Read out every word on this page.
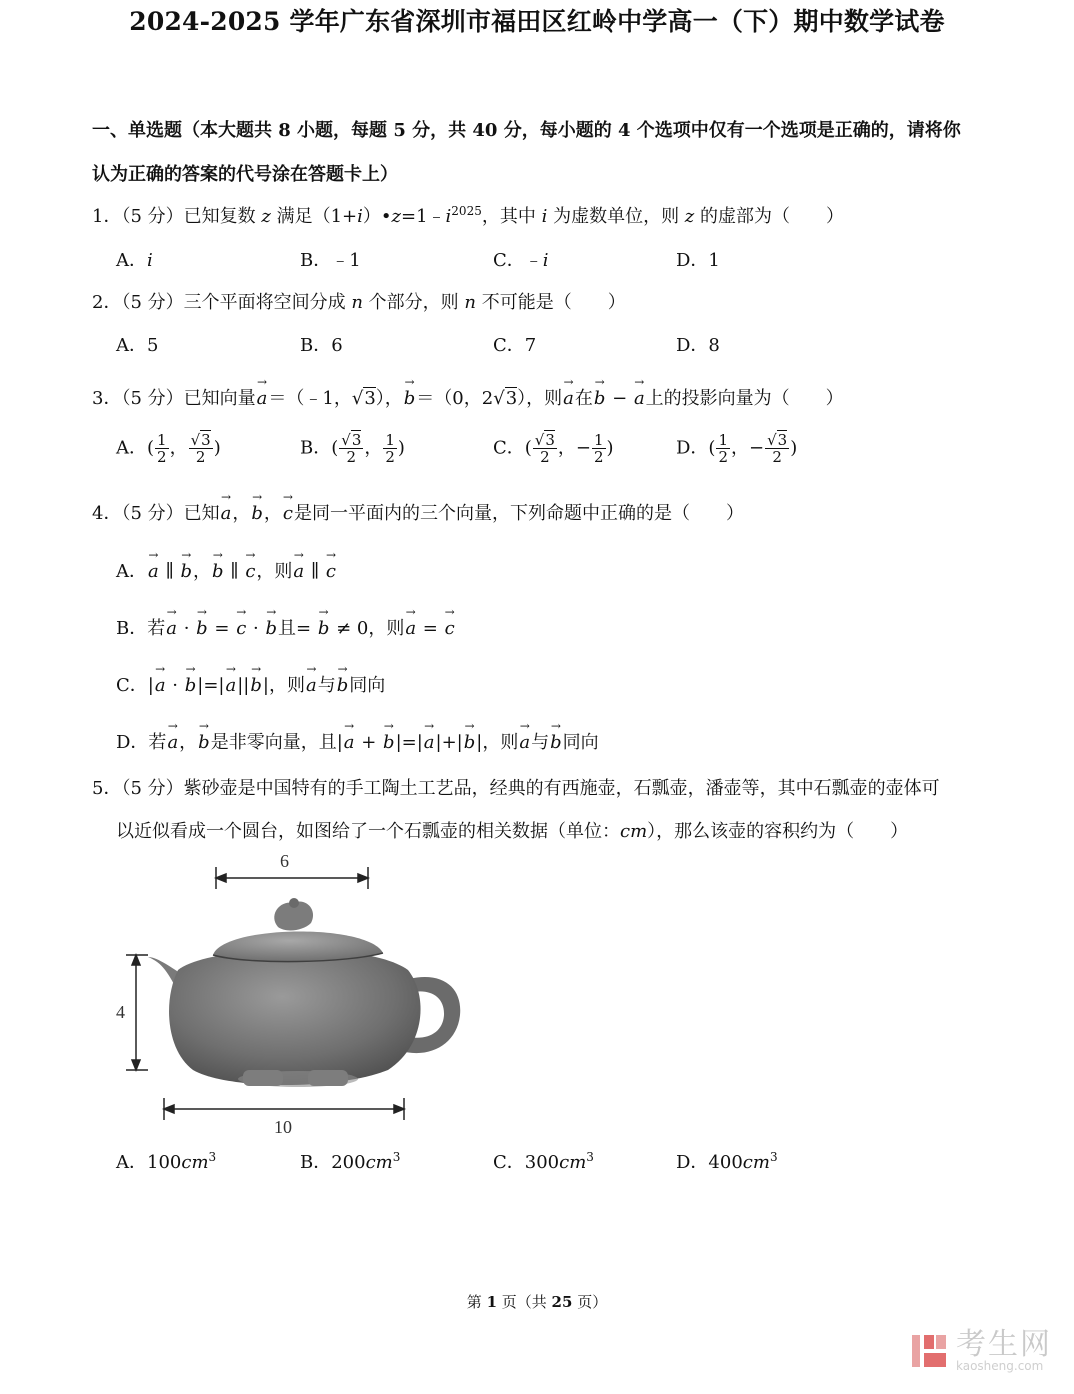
2024-2025 学年广东省深圳市福田区红岭中学高一（下）期中数学试卷
一、单选题（本大题共 8 小题，每题 5 分，共 40 分，每小题的 4 个选项中仅有一个选项是正确的，请将你
认为正确的答案的代号涂在答题卡上）
1．（5 分）已知复数 z 满足$(1+i)•z=1﹣i^{2025}$，其中 i 为虚数单位，则 z 的虚部为（　　）
A．i	B．﹣1	C．﹣i	D．1
2．（5 分）三个平面将空间分成 n 个部分，则 n 不可能是（　　）
A．5	B．6	C．7	D．8
3．（5 分）已知向量→ a＝（﹣1，√3），→ b＝（0，2√3），则→ a在→ b − → a上的投影向量为（　　）
A．( $\frac{1}{2}$ ， $\frac{√3}{2}$ )	B．( $\frac{√3}{2}$ ， $\frac{1}{2}$ )	C．( $\frac{√3}{2}$ ，− $\frac{1}{2}$ )	D．( $\frac{1}{2}$ ，− $\frac{√3}{2}$ )
4．（5 分）已知→ a，→ b，→ c是同一平面内的三个向量，下列命题中正确的是（　　）
A．→ a ∥ → b，→ b ∥ → c，则→ a ∥ → c
B．若→ a · → b = → c · → b且= → b ≠ 0，则→ a = → c
C．|→ a · → b|=|→ a||→ b|，则→ a与→ b同向
D．若→ a，→ b是非零向量，且|→ a + → b|=|→ a|+|→ b|，则→ a与→ b同向
5．（5 分）紫砂壶是中国特有的手工陶土工艺品，经典的有西施壶，石瓢壶，潘壶等，其中石瓢壶的壶体可
以近似看成一个圆台，如图给了一个石瓢壶的相关数据（单位：cm），那么该壶的容积约为（　　）
6
4
10
A．$100cm^3$	B．$200cm^3$	C．$300cm^3$	D．$400cm^3$
第 1 页（共 25 页）
考生网
kaosheng.com
